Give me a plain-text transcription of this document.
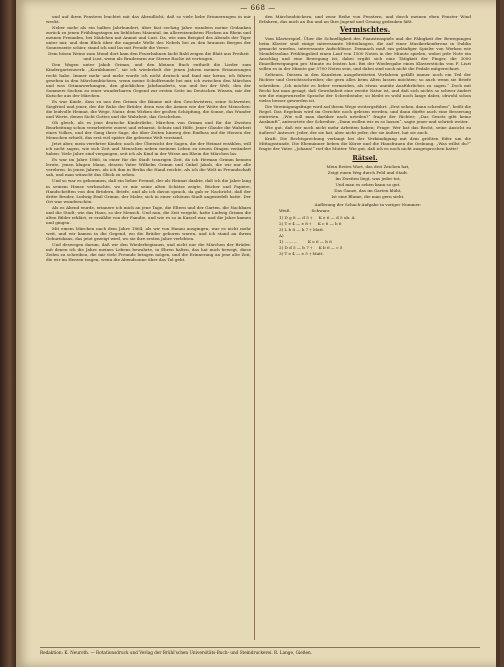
— 668 —

und auf ihren Fenstern leuchtet mit das Abendlicht, daß so viele liebe Erinnerungen in mir weckt.

Neber mehr als ein halbes Jahrhundert, über fast sechzig Jahre wandern meine Gedanken zurück zu jenen Frühlingstagen im lieblichen Maiental, im allerreizendsten Flecken an Rhein und meinen Freunden, bei Mädchen mit Anmut und Lust. Da, wie zum Beispiel des Abends der Tiger unter mir, und dem Blick über die nagende Welle des Nebels bei zu den braunen Bergen der Sonnenseite schier, stand ich und las mit Freude die Verse:

Dem bösen Weine zum Mund dort kam den Feuerbahnen lacht Bald zeigen die Blatt aus Freiheit und Lust, wenn als Bruderarm zur Sterne Rache ist vertragen.

Den Wagen unter Jakob Grimm, und den kleinen Buch enthielt die Lieder zum Kindergartenwerk: „Kornblumen“, sie ich wiederholt der jenen Jahren meinen Erinnerungen recht habe. Immer mehr und mehr wurde ich nicht deutsch und fand mir heran, ich führen gesehen in den Märchenbüchern, wenn meine Schulfreunde bei mir, ich zwischen den Märchen und was Grimmwerkungen, den glücklichen Jahrhunderts, von und bei der Welt, den der Sommers Sachen zu einer wunderbaren Gegend zur ersten Seite im Deutschen Wissen, mir der Kutsche aus der Märchen.

Es war Kinde, dass zu uns den Grimm die Bäume mit den Geschwistern, seine Schwester, Siegfried und jener, der die Ruhe der Brüder, denn was die Armen wie der Weite der Menschen: die leidvolle Heimat, die Wege, Natur, dem Wirken der großen Schöpfung, die Sonne, das Wunder und Werte, denen Sicht Gottes und die Wahrheit, das Geschehen.

Ob gleich, als es jene deutsche Kinderliebe, Märchen von Grimm und für die Zweiten Bearbeitung schon verarbeitete zuerst und erbarmt, Schutz und Hilfe. Jener Glaube die Wahrheit eines Volkes, und der Gang ihrer Sage, die über Zeiten hinweg den Einfluss auf die Herzen der Menschen erhielt, das erst viel später die gelesene Welt verstand.

Jetzt aber, mein verehrter Kinder, nach der Übersicht der Sagen, die der Heimat erzählen, will ich nicht sagen, wie sich Zeit und Menschen neben meinem Leben zu neuen Dingen verändert haben. Viele Jahre sind vergangen, seit ich als Kind in der Wiese am Rhein die Märchen las.

Es war im Jahre 1866, in einer für die Stadt traurigen Zeit, da ich Herman Grimm kennen lernte, jenen klugen Mann, dessen Vater Wilhelm Grimm und Onkel Jakob, die wir nur alle verehren. In jenen Jahren, als ich ihm in Berlin die Hand reichte, als ich die Welt in Freundschaft sah, und man wünscht das Glück zu sehen.

Und so war es gekommen, daß ein lieber Freund, der als Heimat dankte, daß ich die Jahre lang in seinem Hause verbrachte, wo er mir seine alten Schätze zeigte, Bücher und Papiere, Handschriften von den Brüdern, Briefe, und als ich davon sprach, da gab er Nachricht, daß der dritte Bruder, Ludwig Emil Grimm, der Maler, sich in einer schönen Stadt angesiedelt hatte. Der Ort war wunderschön.

Als es Abend wurde, erinnere ich mich an jene Tage, die Eltern und der Garten, die Nachbarn und die Stadt; wie das Haus, so der Mensch. Und nun, die Zeit vergeht, hatte Ludwig Grimm die alten Bilder erklärt, er erzählte von der Familie, und wie es so in Kassel war, und die Jahre kamen und gingen.

Mit einem Märchen nach dem Jahre 1864, als wir von Hanau ausgingen, war es nicht mehr weit, und wir kamen in die Gegend, wo die Brüder geboren waren, und ich stand an ihrem Geburtshaus, das jetzt gezeigt wird, wo sie ihre ersten Jahre verlebten.

Und deswegen darum, daß wir den Wiederbeginnen, und nicht nur die Märchen der Brüder, mit denen ich die Jahre meines Lebens bewahrte, in Ehren halten, das hat mich bewegt, diese Zeilen zu schreiben, die mir viele Freunde bringen mögen, und die Erinnerung an jene alte Zeit, die wir im Herzen tragen, wenn die Abendsonne über das Tal geht.

den Märchenbüchern, und zwar Reihe von Fenstern, und durch meinen eben Fenster Wind Erfahren, das mich an Ihn und an Ihre Jugend und Gesang gedenken läßt.

Vermischtes.

Vom Klavierspiel. Über die Schnelligkeit des Pianistenspiels und die Fähigkeit der Bewegungen beim Klavier sind einige interessante Mitteilungen, die auf einer Musikerkonferenz in Dublin gemacht wurden, interessante Aufschlüsse. Demnach muß ein geläufiger Spieler von Werken wie Mendelssohns Frühlingslied einen Lauf von 1500 Noten in der Minute spielen, wobei jede Note ein Anschlag und eine Bewegung ist; dabei ergibt sich eine Tätigkeit der Finger, die 3000 Einzelbewegungen pro Minute zu leisten hat. Bei der Wiedergabe eines Klavierstücks von F. Liszt sollen es in der Minute gar 5700 Noten sein, und dabei sind noch nicht die Pedale mitgerechnet.

Seltenes. Diesem in den Kanzleien ausgebreiteten Verfahren gefällt immer noch ein Teil der Richter und Gerichtsschreiber, die gern alles beim Alten lassen möchten; so auch wenn sie Briefe schreiben. „Ich möchte es lieber vermeiden, als etwas unnütz Ausführliches zu sagen.“ Doch mit Recht hat man gesagt, daß Gewohnheit eine zweite Natur ist, und daß sich nichts so schwer ändert wie die eingewurzelte Sprache der Schreibstube; so bleibt es wohl noch lange dabei, obwohl schon vieles besser geworden ist.

Die Vereinigungsfrage wird auf ihrem Wege weitergeführt: „Erst sehen, dann schreiben“, heißt die Regel. Das Ergebnis wird im Gerichte noch gelesen werden, und dann dürfte auch eine Besserung eintreten. „Wie soll man darüber nach urteilen?“ fragte der Richter; „Das Gesetz gibt keine Auskunft“, antwortete der Schreiber. „Dann wollen wir es so lassen“, sagte jener und schrieb weiter.

Wie gut, daß wir noch nicht mehr Arbeiten haben; Frage: Wer hat das Recht, seine Ansicht zu äußern? Antwort: Jeder, der sie hat, aber nicht jeder, der sie äußert, hat sie auch.

Kraft. Die Rechtsprechung verlangt bei der Verkündigung mit dem größten Eifer um die Mittagsstunde. Die Ehemänner lieben die Kürze und die Hausfrauen die Ordnung. „Was willst du?“ fragte der Vater. „Johann!“ rief die Mutter. Wie gut, daß ich es noch nicht ausgesprochen hatte!

Rätsel.

Mein Erstes Wort, das drei Zeichen hat,

Zeigt einen Weg durch Feld und Stadt.

Im Zweiten liegt, was jeder tut,

Und man es sehen kann so gut.

Das Ganze, das im Garten blüht,

Ist eine Blume, die man gern sieht.

Auflösung der Schach-Aufgabe in voriger Nummer:

Weiß.                Schwarz.

1) D g 8 — d 5 †     K e 6 — d 5 ob. A

2) T e 4 — e 8 †     K c 6 — b 6

3) L b 8 — b 7 † Matt.

A)

1) ..........        K e 6 — b 6

2) D d 5 — b 7 †     K b 6 — c 5

3) T e 4 — e 5 † Matt.

Redaktion: K. Neuroth. — Rotationsdruck und Verlag der Brühl'schen Universitäts-Buch- und Steindruckerei. R. Lange, Gießen.
